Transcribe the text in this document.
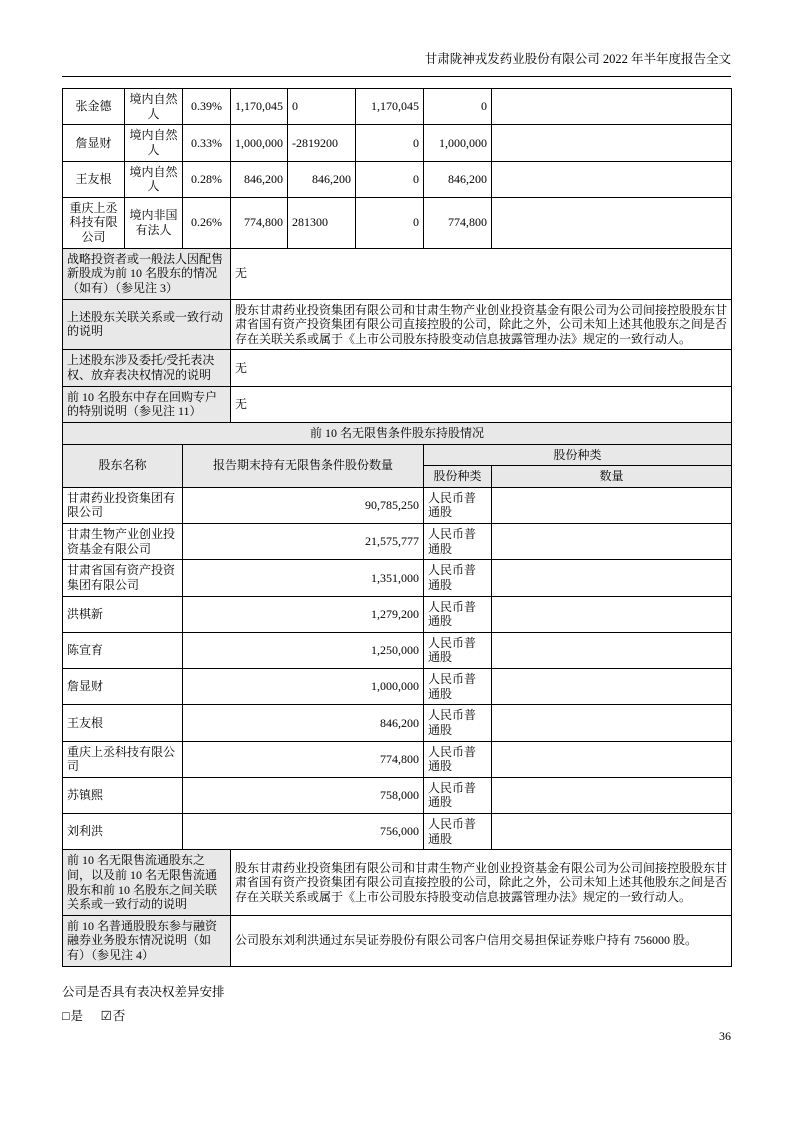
甘肃陇神戎发药业股份有限公司 2022 年半年度报告全文
张金德	境内自然人	0.39%	1,170,045	0	1,170,045	0	
詹显财	境内自然人	0.33%	1,000,000	-2819200	0	1,000,000	
王友根	境内自然人	0.28%	846,200	846,200	0	846,200	
重庆上丞科技有限公司	境内非国有法人	0.26%	774,800	281300	0	774,800	
战略投资者或一般法人因配售新股成为前 10 名股东的情况（如有）（参见注 3）			无				
上述股东关联关系或一致行动的说明			股东甘肃药业投资集团有限公司和甘肃生物产业创业投资基金有限公司为公司间接控股股东甘肃省国有资产投资集团有限公司直接控股的公司，除此之外，公司未知上述其他股东之间是否存在关联关系或属于《上市公司股东持股变动信息披露管理办法》规定的一致行动人。				
上述股东涉及委托/受托表决权、放弃表决权情况的说明			无				
前 10 名股东中存在回购专户的特别说明（参见注 11）			无				
前 10 名无限售条件股东持股情况							
股东名称		报告期末持有无限售条件股份数量				股份种类	
						股份种类	数量
甘肃药业投资集团有限公司		90,785,250				人民币普通股	
甘肃生物产业创业投资基金有限公司		21,575,777				人民币普通股	
甘肃省国有资产投资集团有限公司		1,351,000				人民币普通股	
洪棋新		1,279,200				人民币普通股	
陈宣育		1,250,000				人民币普通股	
詹显财		1,000,000				人民币普通股	
王友根		846,200				人民币普通股	
重庆上丞科技有限公司		774,800				人民币普通股	
苏镇熙		758,000				人民币普通股	
刘利洪		756,000				人民币普通股	
前 10 名无限售流通股东之间，以及前 10 名无限售流通股东和前 10 名股东之间关联关系或一致行动的说明			股东甘肃药业投资集团有限公司和甘肃生物产业创业投资基金有限公司为公司间接控股股东甘肃省国有资产投资集团有限公司直接控股的公司，除此之外，公司未知上述其他股东之间是否存在关联关系或属于《上市公司股东持股变动信息披露管理办法》规定的一致行动人。				
前 10 名普通股股东参与融资融券业务股东情况说明（如有）（参见注 4）			公司股东刘利洪通过东吴证券股份有限公司客户信用交易担保证券账户持有 756000 股。				
公司是否具有表决权差异安排
□是 ☑否
36
